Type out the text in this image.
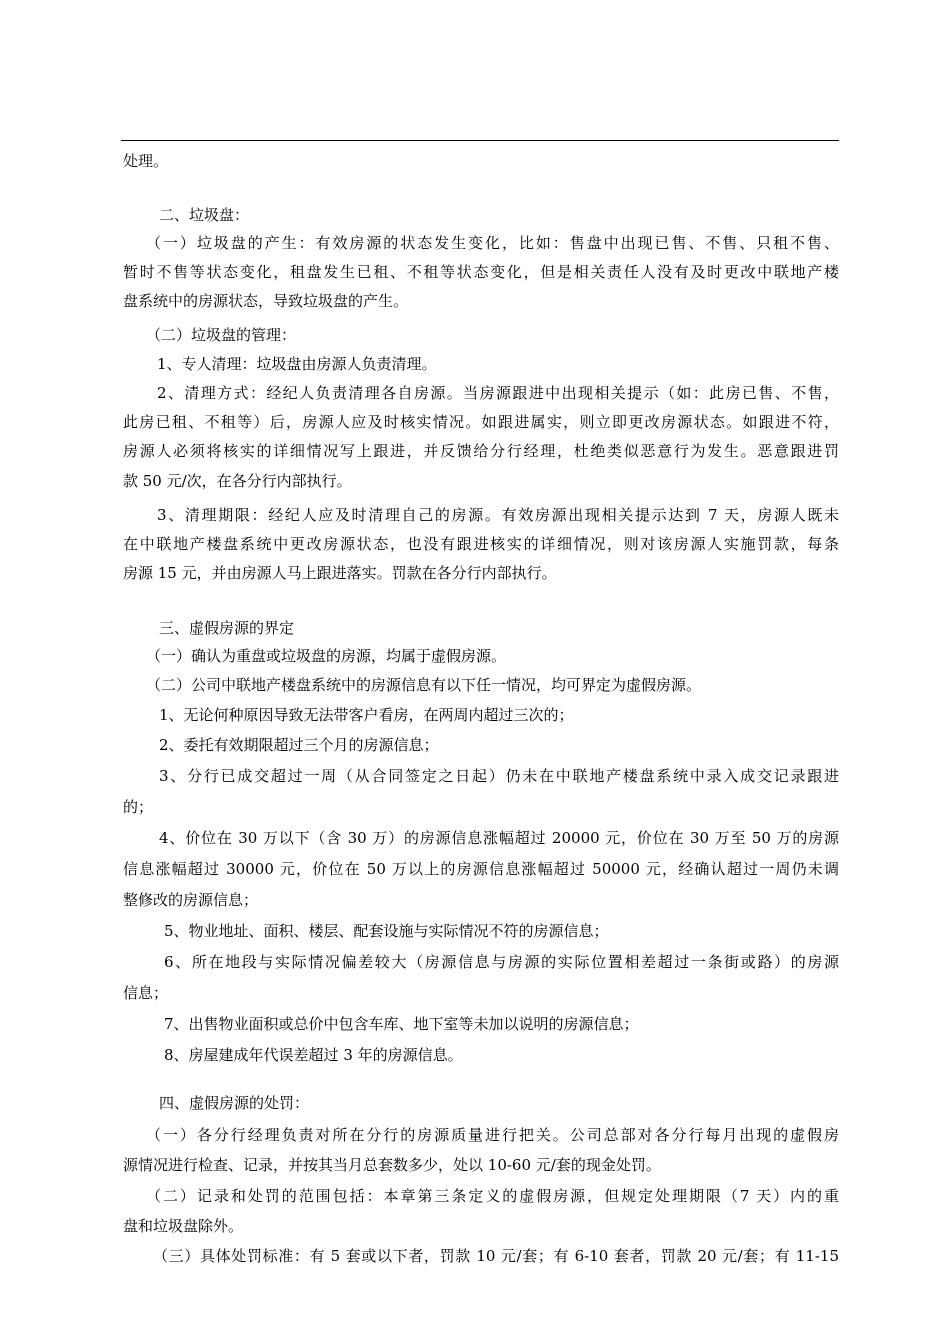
处理。
二、垃圾盘：
（一）垃圾盘的产生：有效房源的状态发生变化，比如：售盘中出现已售、不售、只租不售、
暂时不售等状态变化，租盘发生已租、不租等状态变化，但是相关责任人没有及时更改中联地产楼
盘系统中的房源状态，导致垃圾盘的产生。
（二）垃圾盘的管理：
1、专人清理：垃圾盘由房源人负责清理。
2、清理方式：经纪人负责清理各自房源。当房源跟进中出现相关提示（如：此房已售、不售，
此房已租、不租等）后，房源人应及时核实情况。如跟进属实，则立即更改房源状态。如跟进不符，
房源人必须将核实的详细情况写上跟进，并反馈给分行经理，杜绝类似恶意行为发生。恶意跟进罚
款 50 元/次，在各分行内部执行。
3、清理期限：经纪人应及时清理自己的房源。有效房源出现相关提示达到 7 天，房源人既未
在中联地产楼盘系统中更改房源状态，也没有跟进核实的详细情况，则对该房源人实施罚款，每条
房源 15 元，并由房源人马上跟进落实。罚款在各分行内部执行。
三、虚假房源的界定
（一）确认为重盘或垃圾盘的房源，均属于虚假房源。
（二）公司中联地产楼盘系统中的房源信息有以下任一情况，均可界定为虚假房源。
1、无论何种原因导致无法带客户看房，在两周内超过三次的；
2、委托有效期限超过三个月的房源信息；
3、分行已成交超过一周（从合同签定之日起）仍未在中联地产楼盘系统中录入成交记录跟进
的；
4、价位在 30 万以下（含 30 万）的房源信息涨幅超过 20000 元，价位在 30 万至 50 万的房源
信息涨幅超过 30000 元，价位在 50 万以上的房源信息涨幅超过 50000 元，经确认超过一周仍未调
整修改的房源信息；
5、物业地址、面积、楼层、配套设施与实际情况不符的房源信息；
6、所在地段与实际情况偏差较大（房源信息与房源的实际位置相差超过一条街或路）的房源
信息；
7、出售物业面积或总价中包含车库、地下室等未加以说明的房源信息；
8、房屋建成年代误差超过 3 年的房源信息。
四、虚假房源的处罚：
（一）各分行经理负责对所在分行的房源质量进行把关。公司总部对各分行每月出现的虚假房
源情况进行检查、记录，并按其当月总套数多少，处以 10-60 元/套的现金处罚。
（二）记录和处罚的范围包括：本章第三条定义的虚假房源，但规定处理期限（7 天）内的重
盘和垃圾盘除外。
（三）具体处罚标准：有 5 套或以下者，罚款 10 元/套；有 6-10 套者，罚款 20 元/套；有 11-15
